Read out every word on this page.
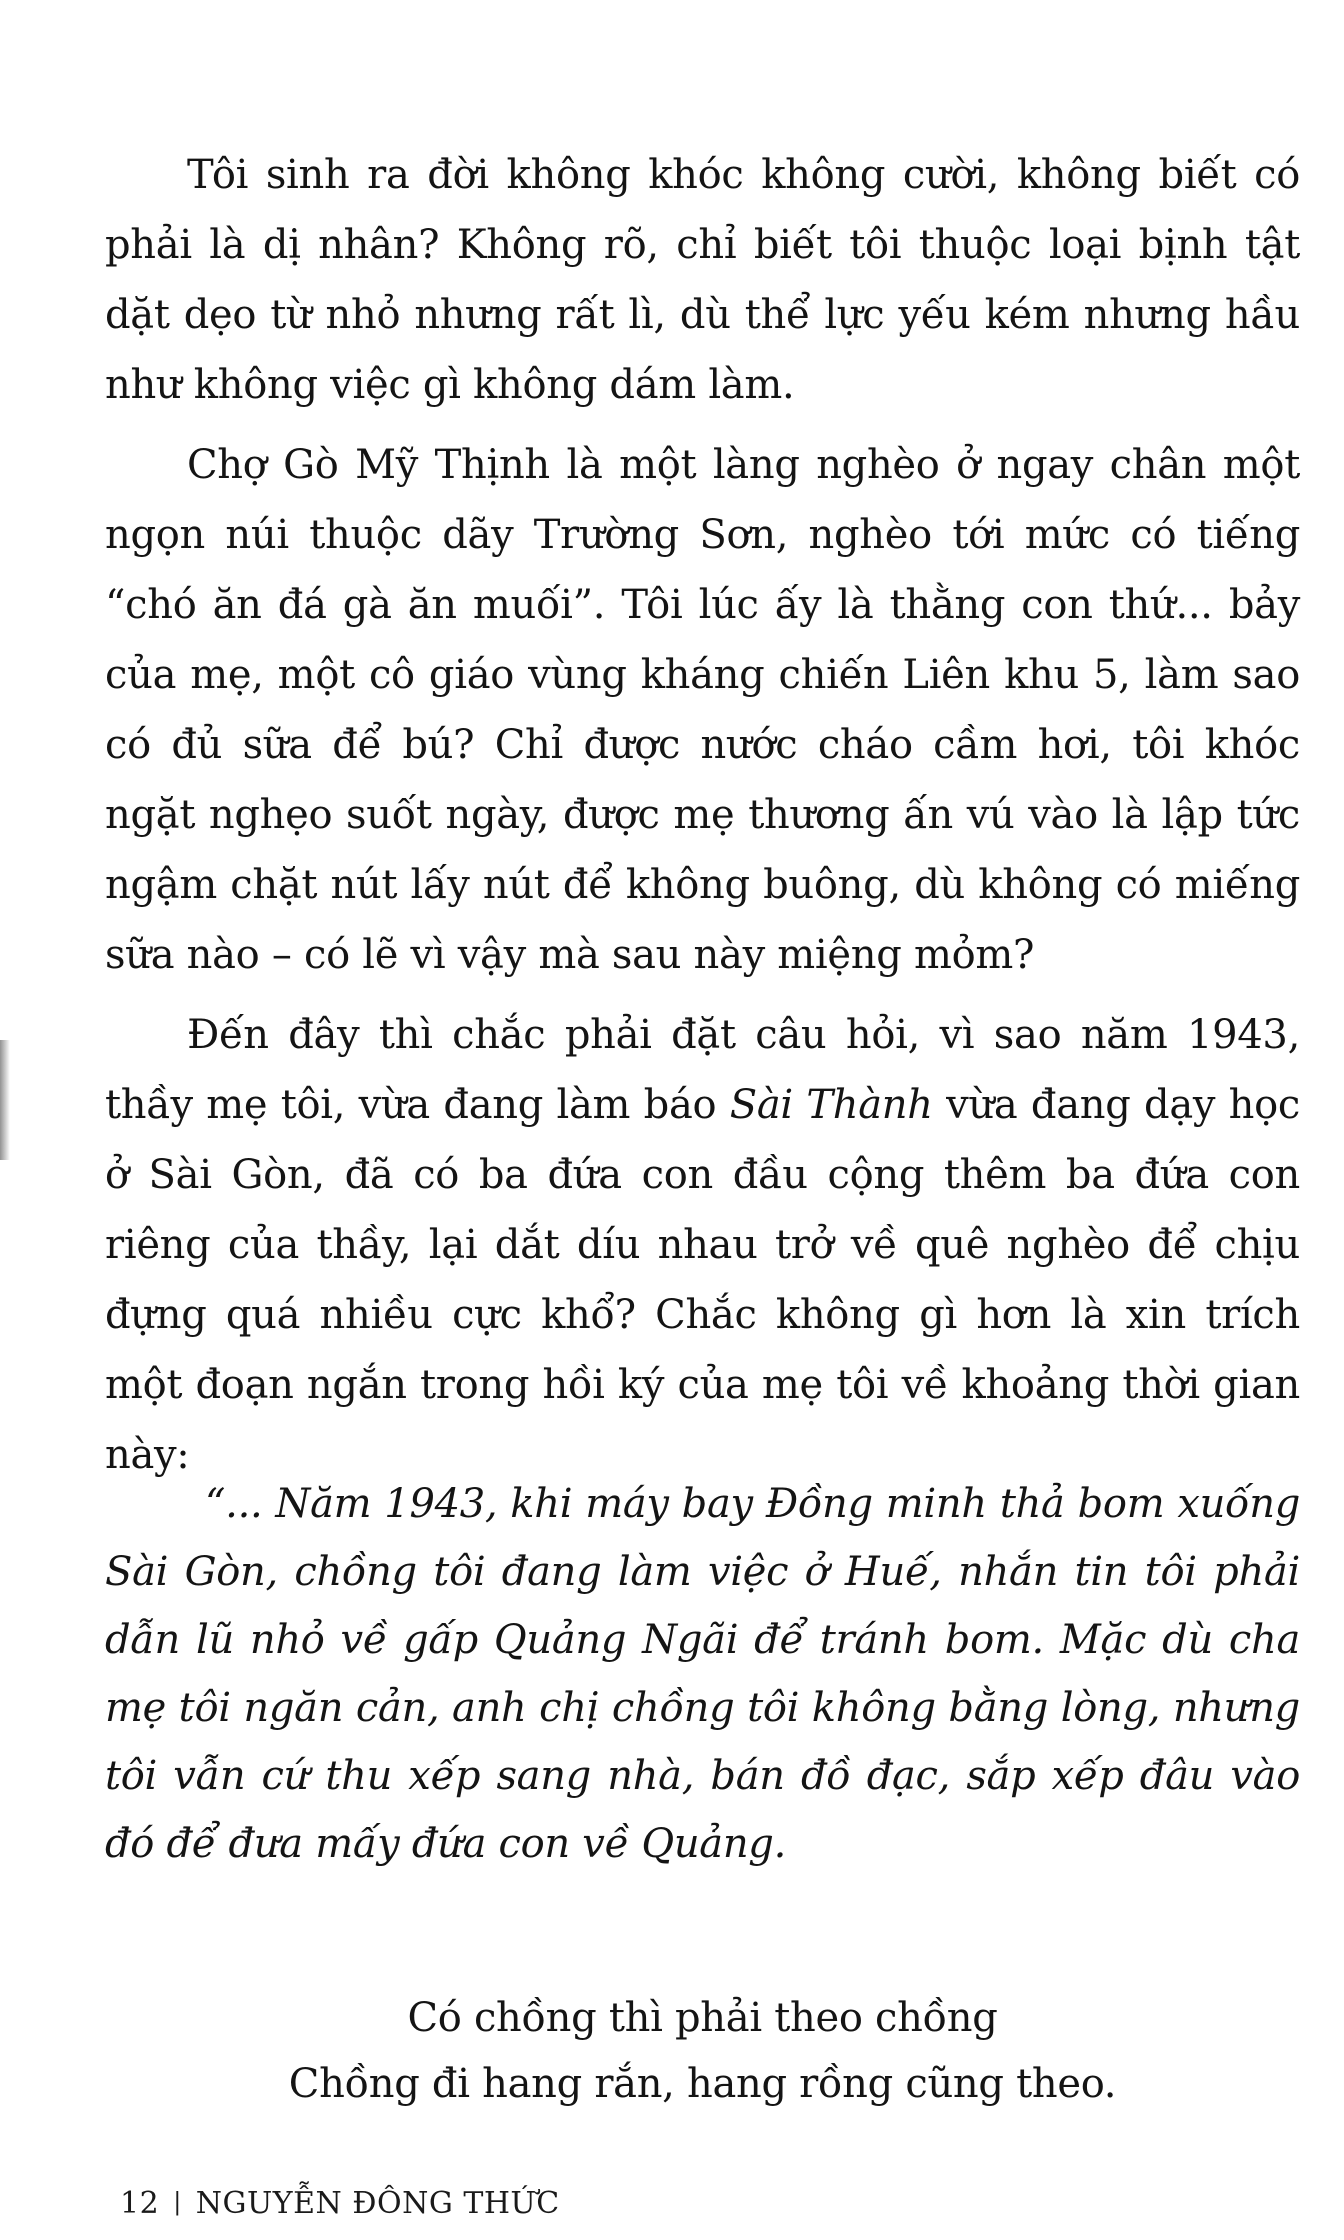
Tôi sinh ra đời không khóc không cười, không biết có phải là dị nhân? Không rõ, chỉ biết tôi thuộc loại bịnh tật dặt dẹo từ nhỏ nhưng rất lì, dù thể lực yếu kém nhưng hầu như không việc gì không dám làm.

Chợ Gò Mỹ Thịnh là một làng nghèo ở ngay chân một ngọn núi thuộc dãy Trường Sơn, nghèo tới mức có tiếng “chó ăn đá gà ăn muối”. Tôi lúc ấy là thằng con thứ... bảy của mẹ, một cô giáo vùng kháng chiến Liên khu 5, làm sao có đủ sữa để bú? Chỉ được nước cháo cầm hơi, tôi khóc ngặt nghẹo suốt ngày, được mẹ thương ấn vú vào là lập tức ngậm chặt nút lấy nút để không buông, dù không có miếng sữa nào – có lẽ vì vậy mà sau này miệng mỏm?

Đến đây thì chắc phải đặt câu hỏi, vì sao năm 1943, thầy mẹ tôi, vừa đang làm báo Sài Thành vừa đang dạy học ở Sài Gòn, đã có ba đứa con đầu cộng thêm ba đứa con riêng của thầy, lại dắt díu nhau trở về quê nghèo để chịu đựng quá nhiều cực khổ? Chắc không gì hơn là xin trích một đoạn ngắn trong hồi ký của mẹ tôi về khoảng thời gian này:

“... Năm 1943, khi máy bay Đồng minh thả bom xuống Sài Gòn, chồng tôi đang làm việc ở Huế, nhắn tin tôi phải dẫn lũ nhỏ về gấp Quảng Ngãi để tránh bom. Mặc dù cha mẹ tôi ngăn cản, anh chị chồng tôi không bằng lòng, nhưng tôi vẫn cứ thu xếp sang nhà, bán đồ đạc, sắp xếp đâu vào đó để đưa mấy đứa con về Quảng.

Có chồng thì phải theo chồng
Chồng đi hang rắn, hang rồng cũng theo.
12 | NGUYỄN ĐÔNG THỨC
